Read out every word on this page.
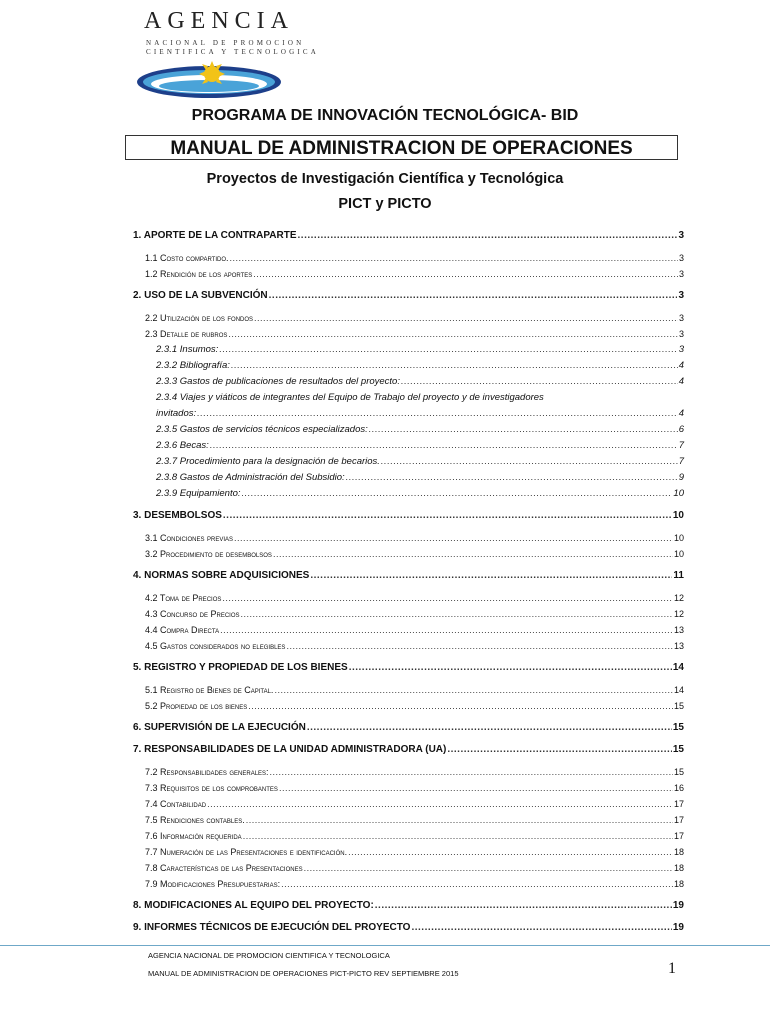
AGENCIA
NACIONAL DE PROMOCION
CIENTIFICA Y TECNOLOGICA
PROGRAMA DE INNOVACIÓN TECNOLÓGICA- BID
MANUAL DE ADMINISTRACION DE OPERACIONES
Proyectos de Investigación Científica y Tecnológica
PICT y PICTO
1. APORTE DE LA CONTRAPARTE .....	3
1.1 Costo compartido. .....	3
1.2 Rendición de los aportes .....	3
2. USO DE LA SUBVENCIÓN .....	3
2.2 Utilización de los fondos .....	3
2.3 Detalle de rubros .....	3
2.3.1 Insumos: .....	3
2.3.2 Bibliografía: .....	4
2.3.3 Gastos de publicaciones de resultados del proyecto: .....	4
2.3.4 Viajes y viáticos de integrantes del Equipo de Trabajo del proyecto y de investigadores
invitados: .....	4
2.3.5 Gastos de servicios técnicos especializados: .....	6
2.3.6 Becas: .....	7
2.3.7 Procedimiento para la designación de becarios. .....	7
2.3.8 Gastos de Administración del Subsidio: .....	9
2.3.9 Equipamiento: .....	10
3. DESEMBOLSOS .....	10
3.1 Condiciones previas .....	10
3.2 Procedimiento de desembolsos .....	10
4. NORMAS SOBRE ADQUISICIONES .....	11
4.2 Toma de Precios .....	12
4.3 Concurso de Precios .....	12
4.4 Compra Directa .....	13
4.5 Gastos considerados no elegibles .....	13
5. REGISTRO Y PROPIEDAD DE LOS BIENES .....	14
5.1 Registro de Bienes de Capital. .....	14
5.2 Propiedad de los bienes .....	15
6. SUPERVISIÓN DE LA EJECUCIÓN .....	15
7. RESPONSABILIDADES DE LA UNIDAD ADMINISTRADORA (UA) .....	15
7.2 Responsabilidades generales: .....	15
7.3 Requisitos de los comprobantes .....	16
7.4 Contabilidad .....	17
7.5 Rendiciones contables. .....	17
7.6 Información requerida .....	17
7.7 Numeración de las Presentaciones e identificación. .....	18
7.8 Características de las Presentaciones .....	18
7.9 Modificaciones Presupuestarias: .....	18
8. MODIFICACIONES AL EQUIPO DEL PROYECTO: .....	19
9. INFORMES TÉCNICOS DE EJECUCIÓN DEL PROYECTO .....	19
AGENCIA NACIONAL DE PROMOCION CIENTIFICA Y TECNOLOGICA
MANUAL DE ADMINISTRACION DE OPERACIONES PICT-PICTO REV SEPTIEMBRE 2015	1
